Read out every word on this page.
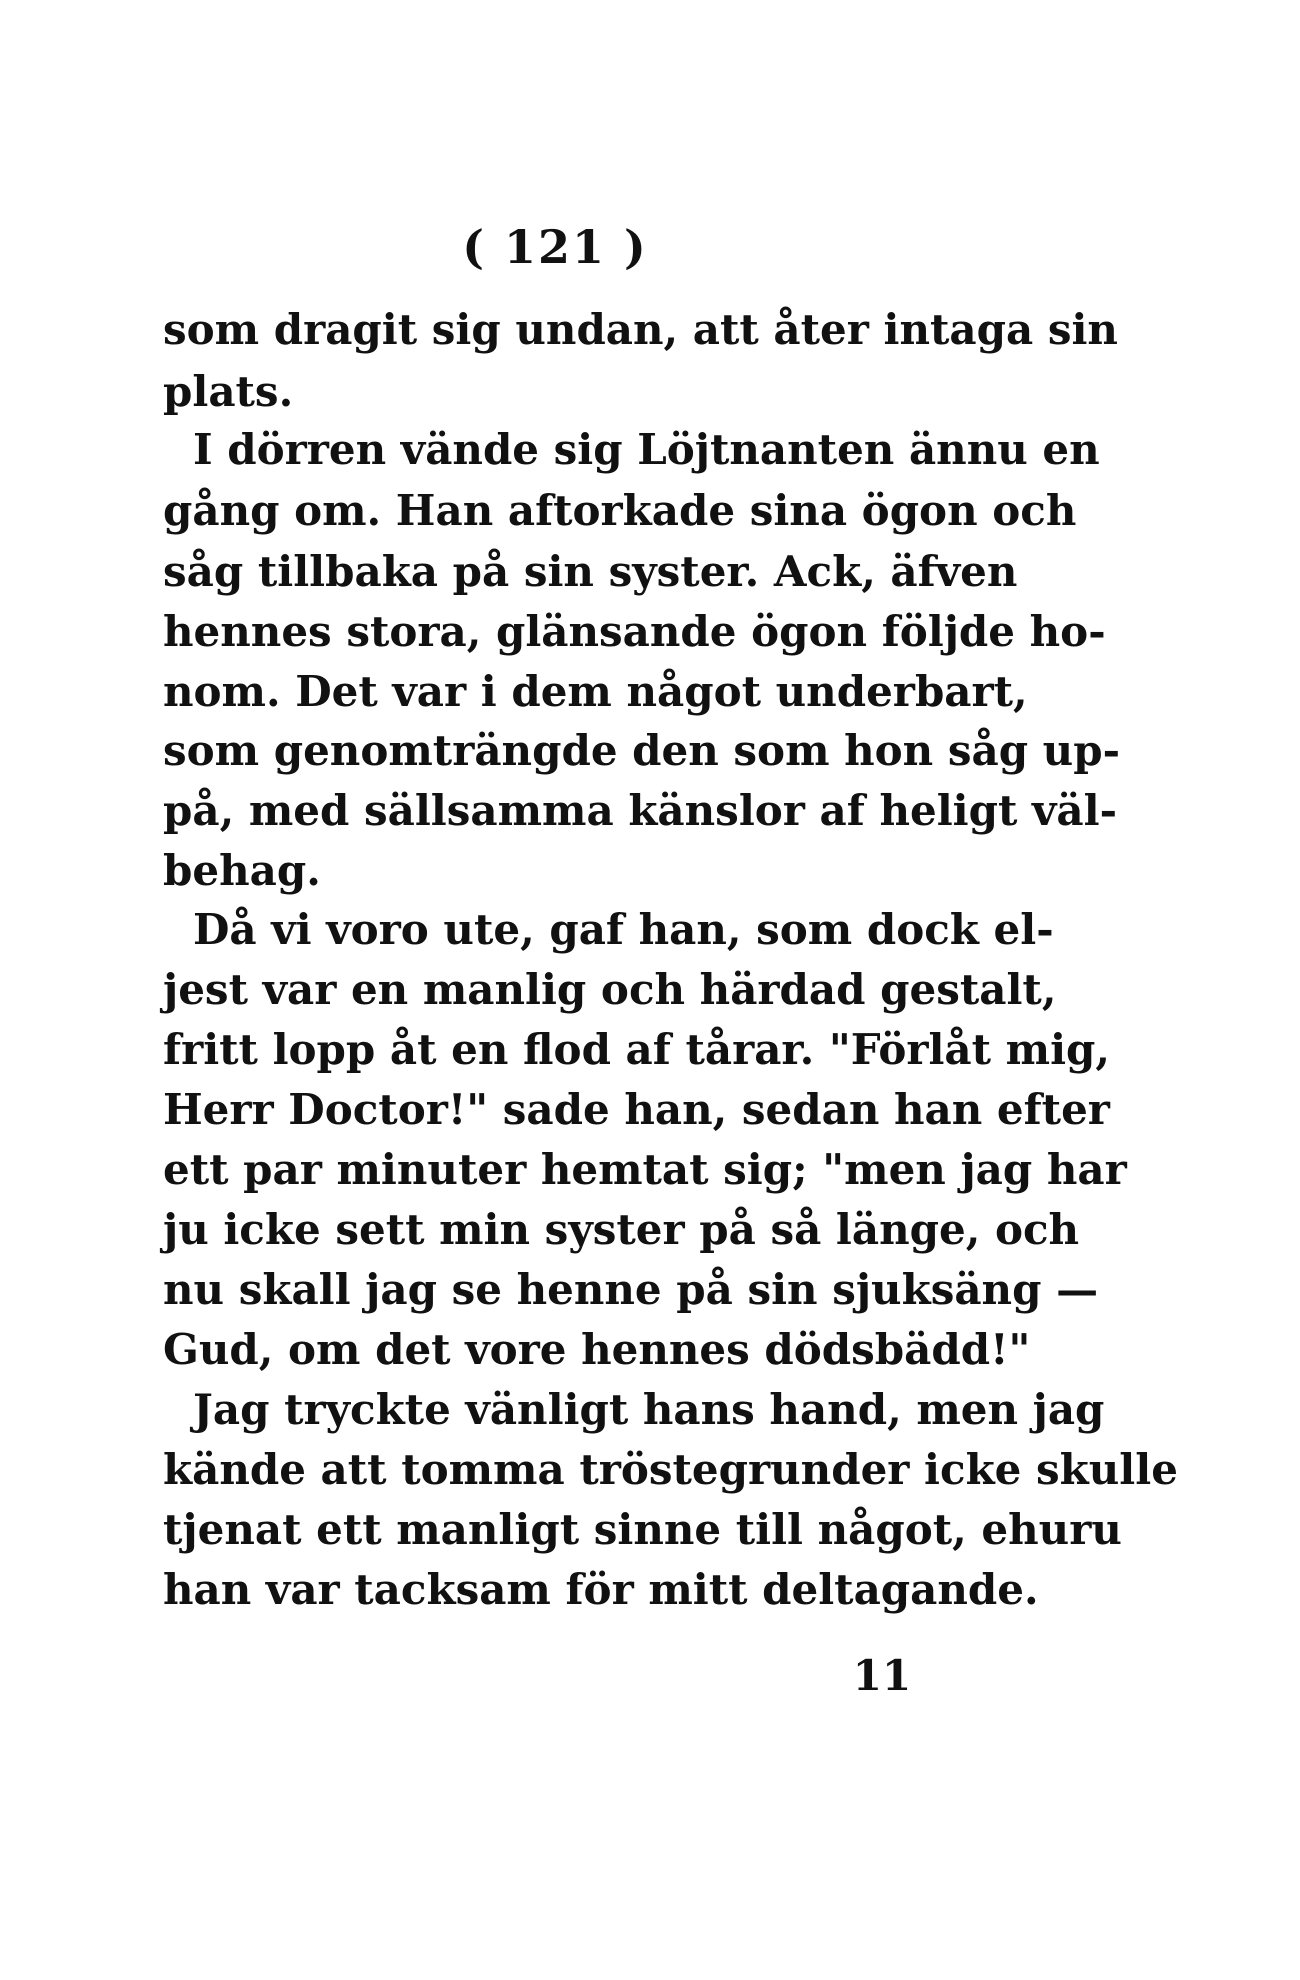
( 121 )
som dragit sig undan, att åter intaga sin
plats.
I dörren vände sig Löjtnanten ännu en
gång om. Han aftorkade sina ögon och
såg tillbaka på sin syster. Ack, äfven
hennes stora, glänsande ögon följde ho-
nom. Det var i dem något underbart,
som genomträngde den som hon såg up-
på, med sällsamma känslor af heligt väl-
behag.
Då vi voro ute, gaf han, som dock el-
jest var en manlig och härdad gestalt,
fritt lopp åt en flod af tårar. "Förlåt mig,
Herr Doctor!" sade han, sedan han efter
ett par minuter hemtat sig; "men jag har
ju icke sett min syster på så länge, och
nu skall jag se henne på sin sjuksäng —
Gud, om det vore hennes dödsbädd!"
Jag tryckte vänligt hans hand, men jag
kände att tomma tröstegrunder icke skulle
tjenat ett manligt sinne till något, ehuru
han var tacksam för mitt deltagande.
11
